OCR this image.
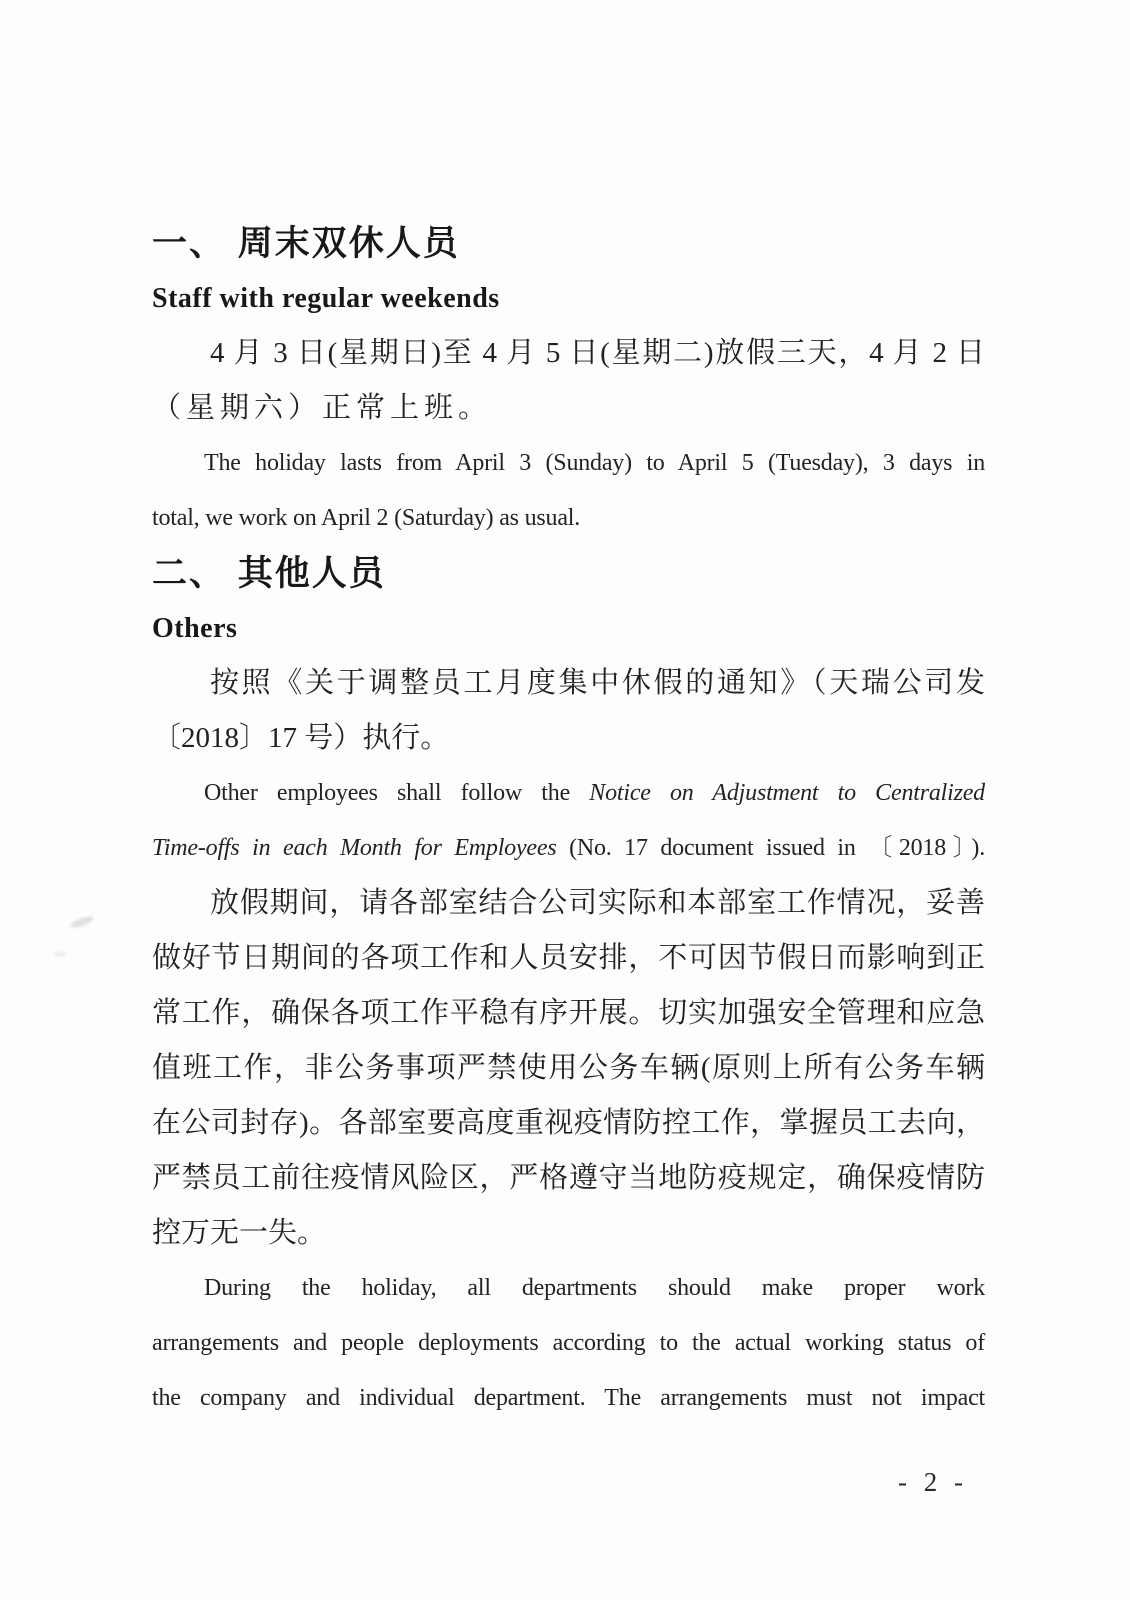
一、 周末双休人员
Staff with regular weekends
4 月 3 日(星期日)至 4 月 5 日(星期二)放假三天，4 月 2 日
（星期六）正常上班。
The holiday lasts from April 3 (Sunday) to April 5 (Tuesday), 3 days in
total, we work on April 2 (Saturday) as usual.
二、 其他人员
Others
按照《关于调整员工月度集中休假的通知》（天瑞公司发
〔2018〕17 号）执行。
Other employees shall follow the Notice on Adjustment to Centralized
Time-offs in each Month for Employees (No. 17 document issued in 〔2018〕).
放假期间，请各部室结合公司实际和本部室工作情况，妥善
做好节日期间的各项工作和人员安排，不可因节假日而影响到正
常工作，确保各项工作平稳有序开展。切实加强安全管理和应急
值班工作，非公务事项严禁使用公务车辆(原则上所有公务车辆
在公司封存)。各部室要高度重视疫情防控工作，掌握员工去向，
严禁员工前往疫情风险区，严格遵守当地防疫规定，确保疫情防
控万无一失。
During the holiday, all departments should make proper work
arrangements and people deployments according to the actual working status of
the company and individual department. The arrangements must not impact
- 2 -
